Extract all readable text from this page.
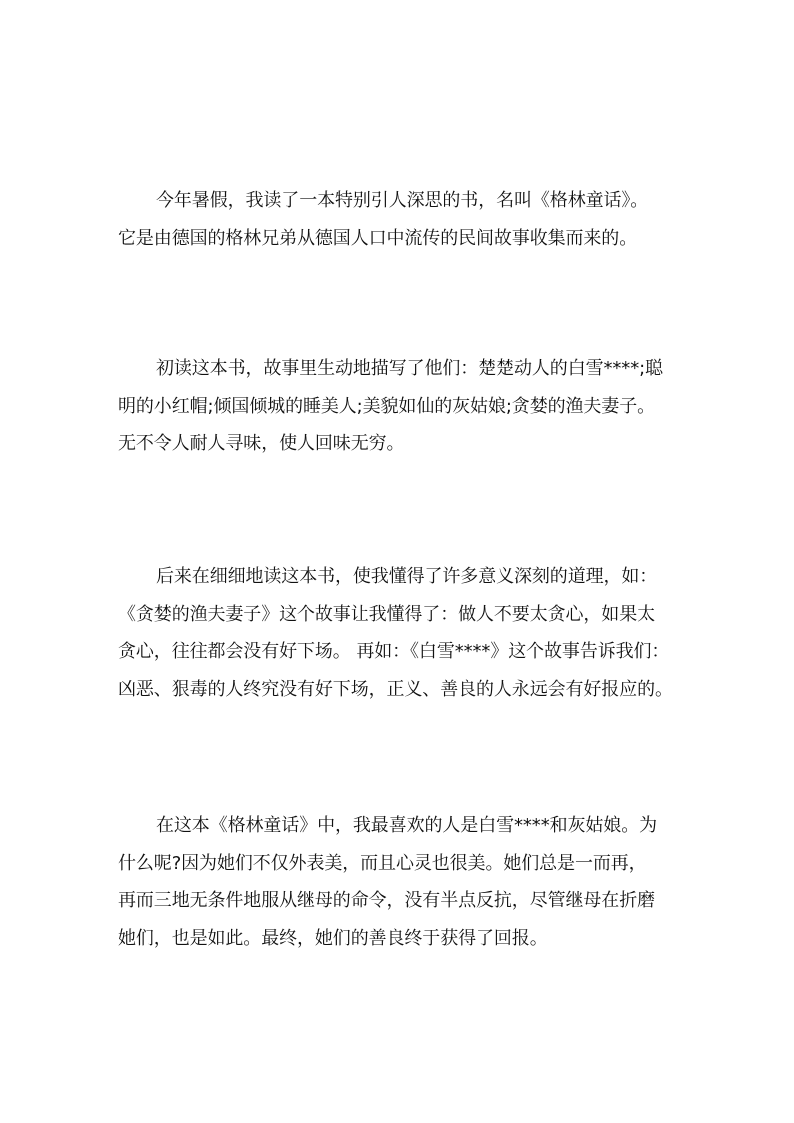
今年暑假，我读了一本特别引人深思的书，名叫《格林童话》。
它是由德国的格林兄弟从德国人口中流传的民间故事收集而来的。

初读这本书，故事里生动地描写了他们：楚楚动人的白雪****;聪
明的小红帽;倾国倾城的睡美人;美貌如仙的灰姑娘;贪婪的渔夫妻子。
无不令人耐人寻味，使人回味无穷。

后来在细细地读这本书，使我懂得了许多意义深刻的道理，如：
《贪婪的渔夫妻子》这个故事让我懂得了：做人不要太贪心，如果太
贪心，往往都会没有好下场。 再如：《白雪****》这个故事告诉我们：
凶恶、狠毒的人终究没有好下场，正义、善良的人永远会有好报应的。

在这本《格林童话》中，我最喜欢的人是白雪****和灰姑娘。为
什么呢?因为她们不仅外表美，而且心灵也很美。她们总是一而再，
再而三地无条件地服从继母的命令，没有半点反抗，尽管继母在折磨
她们，也是如此。最终，她们的善良终于获得了回报。
